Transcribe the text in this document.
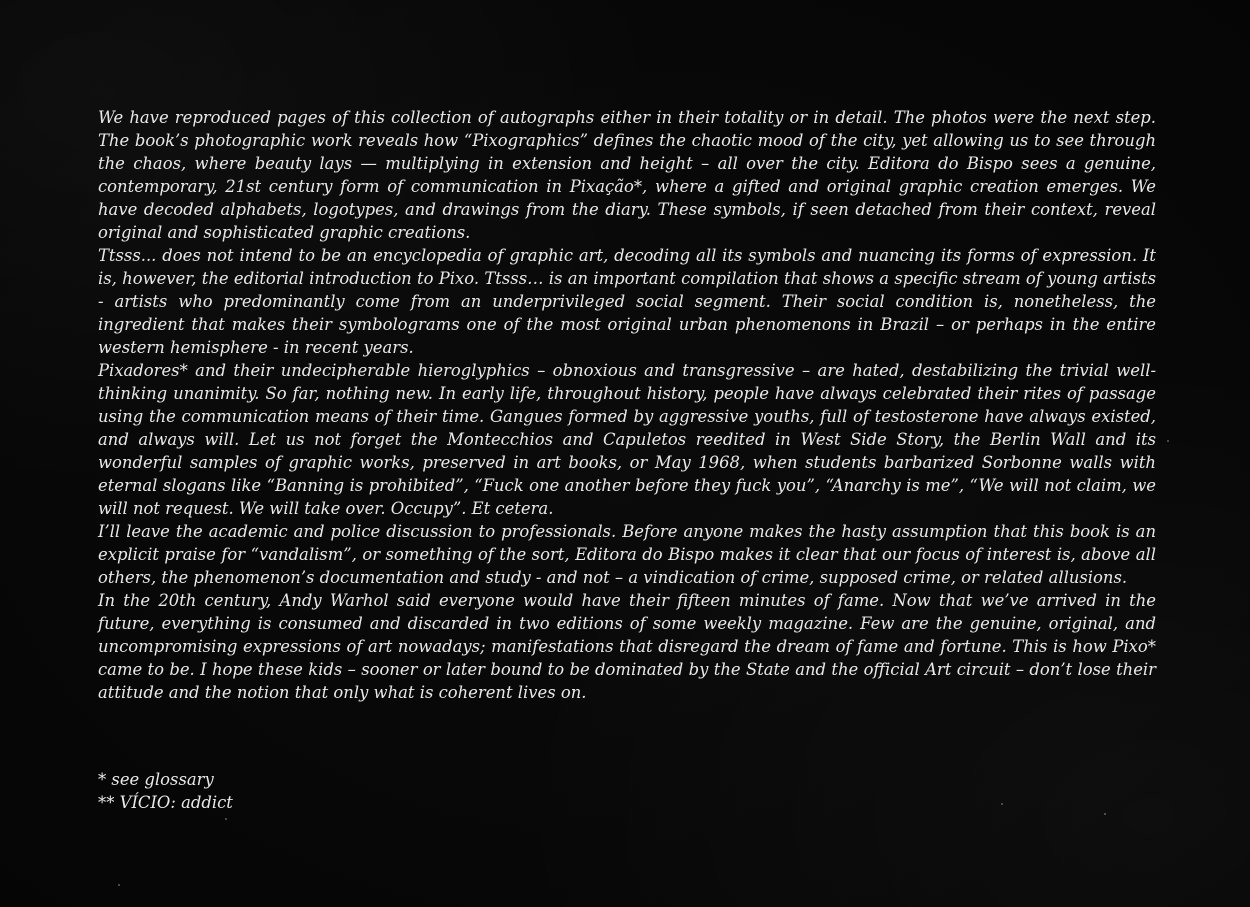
We have reproduced pages of this collection of autographs either in their totality or in detail. The photos were the next step. The book’s photographic work reveals how “Pixographics” defines the chaotic mood of the city, yet allowing us to see through the chaos, where beauty lays — multiplying in extension and height – all over the city. Editora do Bispo sees a genuine, contemporary, 21st century form of communication in Pixação*, where a gifted and original graphic creation emerges. We have decoded alphabets, logotypes, and drawings from the diary. These symbols, if seen detached from their context, reveal original and sophisticated graphic creations.

Ttsss... does not intend to be an encyclopedia of graphic art, decoding all its symbols and nuancing its forms of expression. It is, however, the editorial introduction to Pixo. Ttsss… is an important compilation that shows a specific stream of young artists - artists who predominantly come from an underprivileged social segment. Their social condition is, nonetheless, the ingredient that makes their symbolograms one of the most original urban phenomenons in Brazil – or perhaps in the entire western hemisphere - in recent years.

Pixadores* and their undecipherable hieroglyphics – obnoxious and transgressive – are hated, destabilizing the trivial well-thinking unanimity. So far, nothing new. In early life, throughout history, people have always celebrated their rites of passage using the communication means of their time. Gangues formed by aggressive youths, full of testosterone have always existed, and always will. Let us not forget the Montecchios and Capuletos reedited in West Side Story, the Berlin Wall and its wonderful samples of graphic works, preserved in art books, or May 1968, when students barbarized Sorbonne walls with eternal slogans like “Banning is prohibited”, “Fuck one another before they fuck you”, “Anarchy is me”, “We will not claim, we will not request. We will take over. Occupy”. Et cetera.

I’ll leave the academic and police discussion to professionals. Before anyone makes the hasty assumption that this book is an explicit praise for “vandalism”, or something of the sort, Editora do Bispo makes it clear that our focus of interest is, above all others, the phenomenon’s documentation and study - and not – a vindication of crime, supposed crime, or related allusions.

In the 20th century, Andy Warhol said everyone would have their fifteen minutes of fame. Now that we’ve arrived in the future, everything is consumed and discarded in two editions of some weekly magazine. Few are the genuine, original, and uncompromising expressions of art nowadays; manifestations that disregard the dream of fame and fortune. This is how Pixo* came to be. I hope these kids – sooner or later bound to be dominated by the State and the official Art circuit – don’t lose their attitude and the notion that only what is coherent lives on.

* see glossary
** VÍCIO: addict
